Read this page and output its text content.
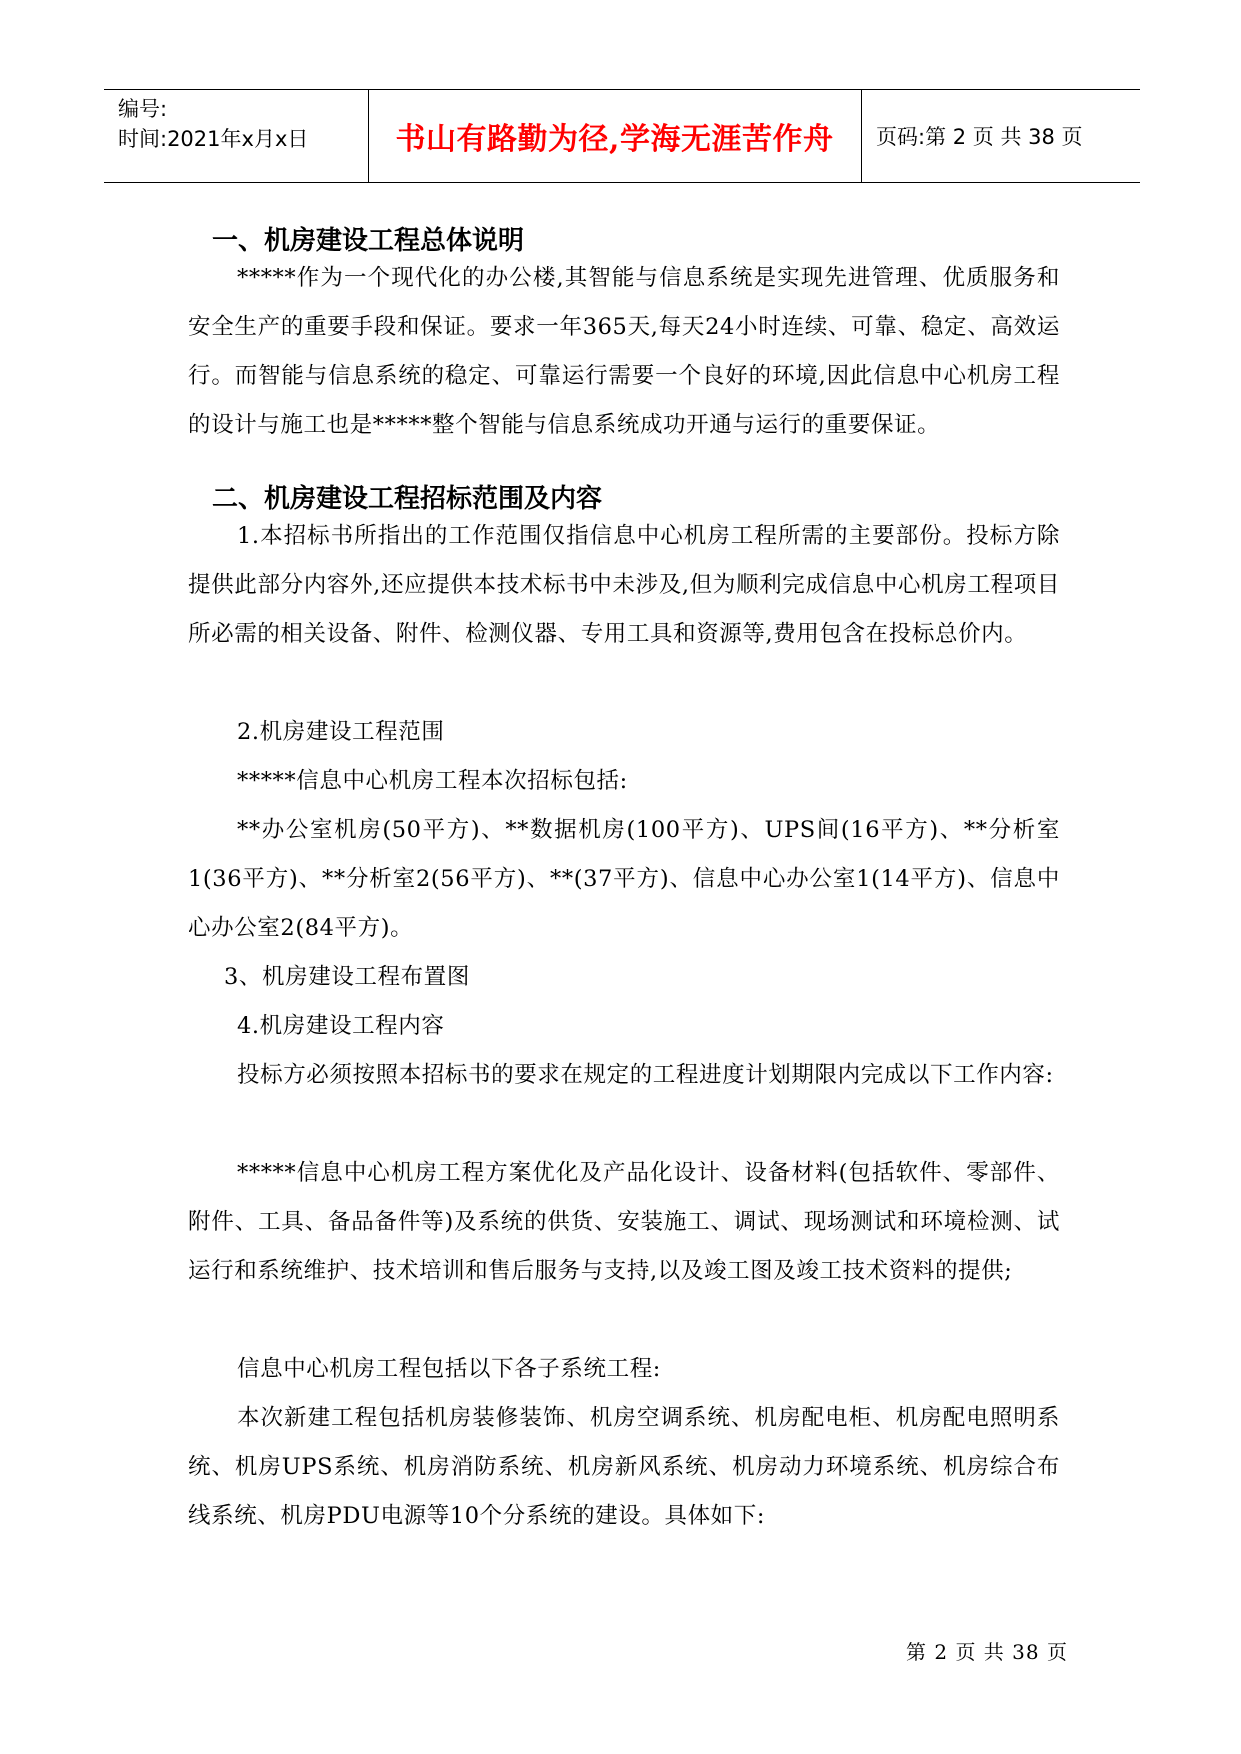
编号:
时间:2021年x月x日	书山有路勤为径,学海无涯苦作舟	页码:第 2 页 共 38 页
一、机房建设工程总体说明
*****作为一个现代化的办公楼,其智能与信息系统是实现先进管理、优质服务和安全生产的重要手段和保证。要求一年365天,每天24小时连续、可靠、稳定、高效运行。而智能与信息系统的稳定、可靠运行需要一个良好的环境,因此信息中心机房工程的设计与施工也是*****整个智能与信息系统成功开通与运行的重要保证。
二、机房建设工程招标范围及内容
1.本招标书所指出的工作范围仅指信息中心机房工程所需的主要部份。投标方除提供此部分内容外,还应提供本技术标书中未涉及,但为顺利完成信息中心机房工程项目所必需的相关设备、附件、检测仪器、专用工具和资源等,费用包含在投标总价内。
2.机房建设工程范围
*****信息中心机房工程本次招标包括:
**办公室机房(50平方)、**数据机房(100平方)、UPS间(16平方)、**分析室1(36平方)、**分析室2(56平方)、**(37平方)、信息中心办公室1(14平方)、信息中心办公室2(84平方)。
3、机房建设工程布置图
4.机房建设工程内容
投标方必须按照本招标书的要求在规定的工程进度计划期限内完成以下工作内容:
*****信息中心机房工程方案优化及产品化设计、设备材料(包括软件、零部件、附件、工具、备品备件等)及系统的供货、安装施工、调试、现场测试和环境检测、试运行和系统维护、技术培训和售后服务与支持,以及竣工图及竣工技术资料的提供;
信息中心机房工程包括以下各子系统工程:
本次新建工程包括机房装修装饰、机房空调系统、机房配电柜、机房配电照明系统、机房UPS系统、机房消防系统、机房新风系统、机房动力环境系统、机房综合布线系统、机房PDU电源等10个分系统的建设。具体如下:
第 2 页 共 38 页
